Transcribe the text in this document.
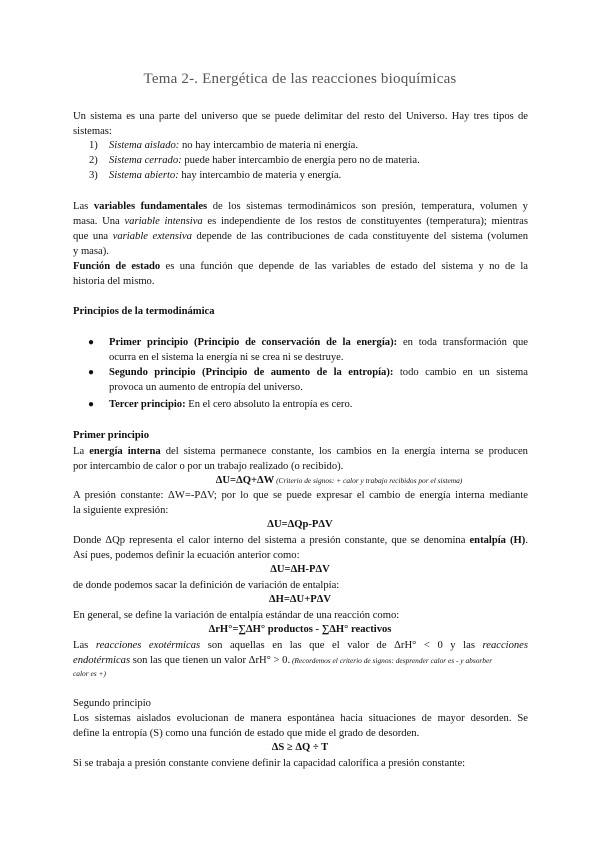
Tema 2-. Energética de las reacciones bioquímicas
Un sistema es una parte del universo que se puede delimitar del resto del Universo. Hay tres tipos de
sistemas:
1) Sistema aislado: no hay intercambio de materia ni energía.
2) Sistema cerrado: puede haber intercambio de energía pero no de materia.
3) Sistema abierto: hay intercambio de materia y energía.
Las variables fundamentales de los sistemas termodinámicos son presión, temperatura, volumen y
masa. Una variable intensiva es independiente de los restos de constituyentes (temperatura); mientras
que una variable extensiva depende de las contribuciones de cada constituyente del sistema (volumen
y masa).
Función de estado es una función que depende de las variables de estado del sistema y no de la
historia del mismo.
Principios de la termodinámica
● Primer principio (Principio de conservación de la energía): en toda transformación que
ocurra en el sistema la energía ni se crea ni se destruye.
● Segundo principio (Principio de aumento de la entropía): todo cambio en un sistema
provoca un aumento de entropía del universo.
● Tercer principio: En el cero absoluto la entropía es cero.
Primer principio
La energía interna del sistema permanece constante, los cambios en la energía interna se producen
por intercambio de calor o por un trabajo realizado (o recibido).
ΔU=ΔQ+ΔW (Criterio de signos: + calor y trabajo recibidos por el sistema)
A presión constante: ΔW=-PΔV; por lo que se puede expresar el cambio de energía interna mediante
la siguiente expresión:
ΔU=ΔQp-PΔV
Donde ΔQp representa el calor interno del sistema a presión constante, que se denomina entalpía (H).
Así pues, podemos definir la ecuación anterior como:
ΔU=ΔH-PΔV
de donde podemos sacar la definición de variación de entalpía:
ΔH=ΔU+PΔV
En general, se define la variación de entalpía estándar de una reacción como:
ΔrH°=∑ΔH° productos - ∑ΔH° reactivos
Las reacciones exotérmicas son aquellas en las que el valor de ΔrH° < 0 y las reacciones
endotérmicas son las que tienen un valor ΔrH° > 0. (Recordemos el criterio de signos: desprender calor es - y absorber
calor es +)
Segundo principio
Los sistemas aislados evolucionan de manera espontánea hacia situaciones de mayor desorden. Se
define la entropía (S) como una función de estado que mide el grado de desorden.
ΔS ≥ ΔQ ÷ T
Si se trabaja a presión constante conviene definir la capacidad calorífica a presión constante:
